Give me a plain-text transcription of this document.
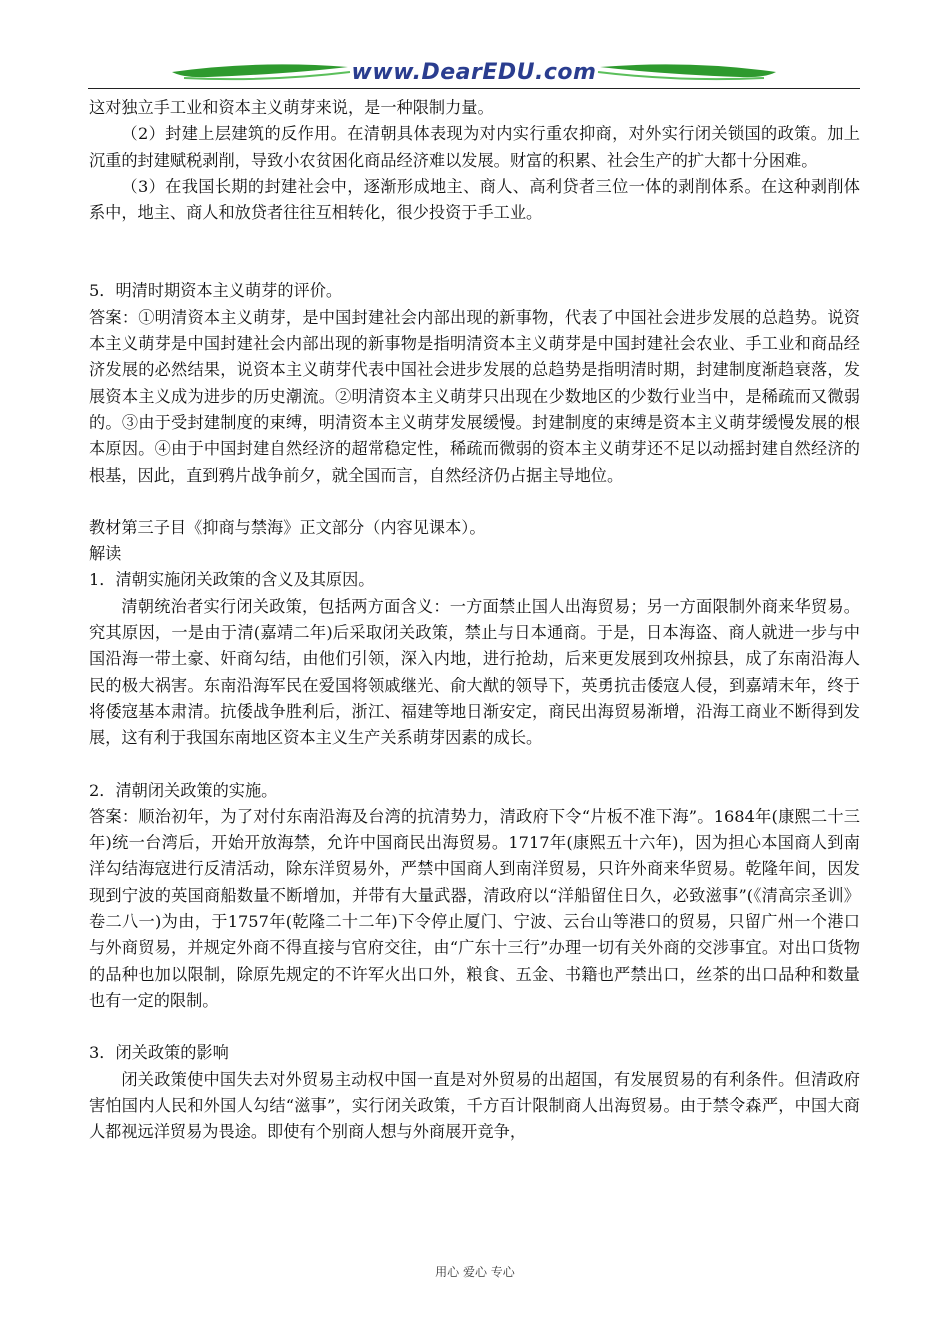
www.DearEDU.com

这对独立手工业和资本主义萌芽来说，是一种限制力量。

（2）封建上层建筑的反作用。在清朝具体表现为对内实行重农抑商，对外实行闭关锁国的政策。加上沉重的封建赋税剥削，导致小农贫困化商品经济难以发展。财富的积累、社会生产的扩大都十分困难。

（3）在我国长期的封建社会中，逐渐形成地主、商人、高利贷者三位一体的剥削体系。在这种剥削体系中，地主、商人和放贷者往往互相转化，很少投资于手工业。

5．明清时期资本主义萌芽的评价。

答案：①明清资本主义萌芽，是中国封建社会内部出现的新事物，代表了中国社会进步发展的总趋势。说资本主义萌芽是中国封建社会内部出现的新事物是指明清资本主义萌芽是中国封建社会农业、手工业和商品经济发展的必然结果，说资本主义萌芽代表中国社会进步发展的总趋势是指明清时期，封建制度渐趋衰落，发展资本主义成为进步的历史潮流。②明清资本主义萌芽只出现在少数地区的少数行业当中，是稀疏而又微弱的。③由于受封建制度的束缚，明清资本主义萌芽发展缓慢。封建制度的束缚是资本主义萌芽缓慢发展的根本原因。④由于中国封建自然经济的超常稳定性，稀疏而微弱的资本主义萌芽还不足以动摇封建自然经济的根基，因此，直到鸦片战争前夕，就全国而言，自然经济仍占据主导地位。

教材第三子目《抑商与禁海》正文部分（内容见课本）。

解读

1．清朝实施闭关政策的含义及其原因。

清朝统治者实行闭关政策，包括两方面含义：一方面禁止国人出海贸易；另一方面限制外商来华贸易。究其原因，一是由于清(嘉靖二年)后采取闭关政策，禁止与日本通商。于是，日本海盗、商人就进一步与中国沿海一带土豪、奸商勾结，由他们引领，深入内地，进行抢劫，后来更发展到攻州掠县，成了东南沿海人民的极大祸害。东南沿海军民在爱国将领戚继光、俞大猷的领导下，英勇抗击倭寇人侵，到嘉靖末年，终于将倭寇基本肃清。抗倭战争胜利后，浙江、福建等地日渐安定，商民出海贸易渐增，沿海工商业不断得到发展，这有利于我国东南地区资本主义生产关系萌芽因素的成长。

2．清朝闭关政策的实施。

答案：顺治初年，为了对付东南沿海及台湾的抗清势力，清政府下令“片板不准下海”。1684年(康熙二十三年)统一台湾后，开始开放海禁，允许中国商民出海贸易。1717年(康熙五十六年)，因为担心本国商人到南洋勾结海寇进行反清活动，除东洋贸易外，严禁中国商人到南洋贸易，只许外商来华贸易。乾隆年间，因发现到宁波的英国商船数量不断增加，并带有大量武器，清政府以“洋船留住日久，必致滋事”(《清高宗圣训》卷二八一)为由，于1757年(乾隆二十二年)下令停止厦门、宁波、云台山等港口的贸易，只留广州一个港口与外商贸易，并规定外商不得直接与官府交往，由“广东十三行”办理一切有关外商的交涉事宜。对出口货物的品种也加以限制，除原先规定的不许军火出口外，粮食、五金、书籍也严禁出口，丝茶的出口品种和数量也有一定的限制。

3．闭关政策的影响

闭关政策使中国失去对外贸易主动权中国一直是对外贸易的出超国，有发展贸易的有利条件。但清政府害怕国内人民和外国人勾结“滋事”，实行闭关政策，千方百计限制商人出海贸易。由于禁令森严，中国大商人都视远洋贸易为畏途。即使有个别商人想与外商展开竞争，

用心 爱心 专心
